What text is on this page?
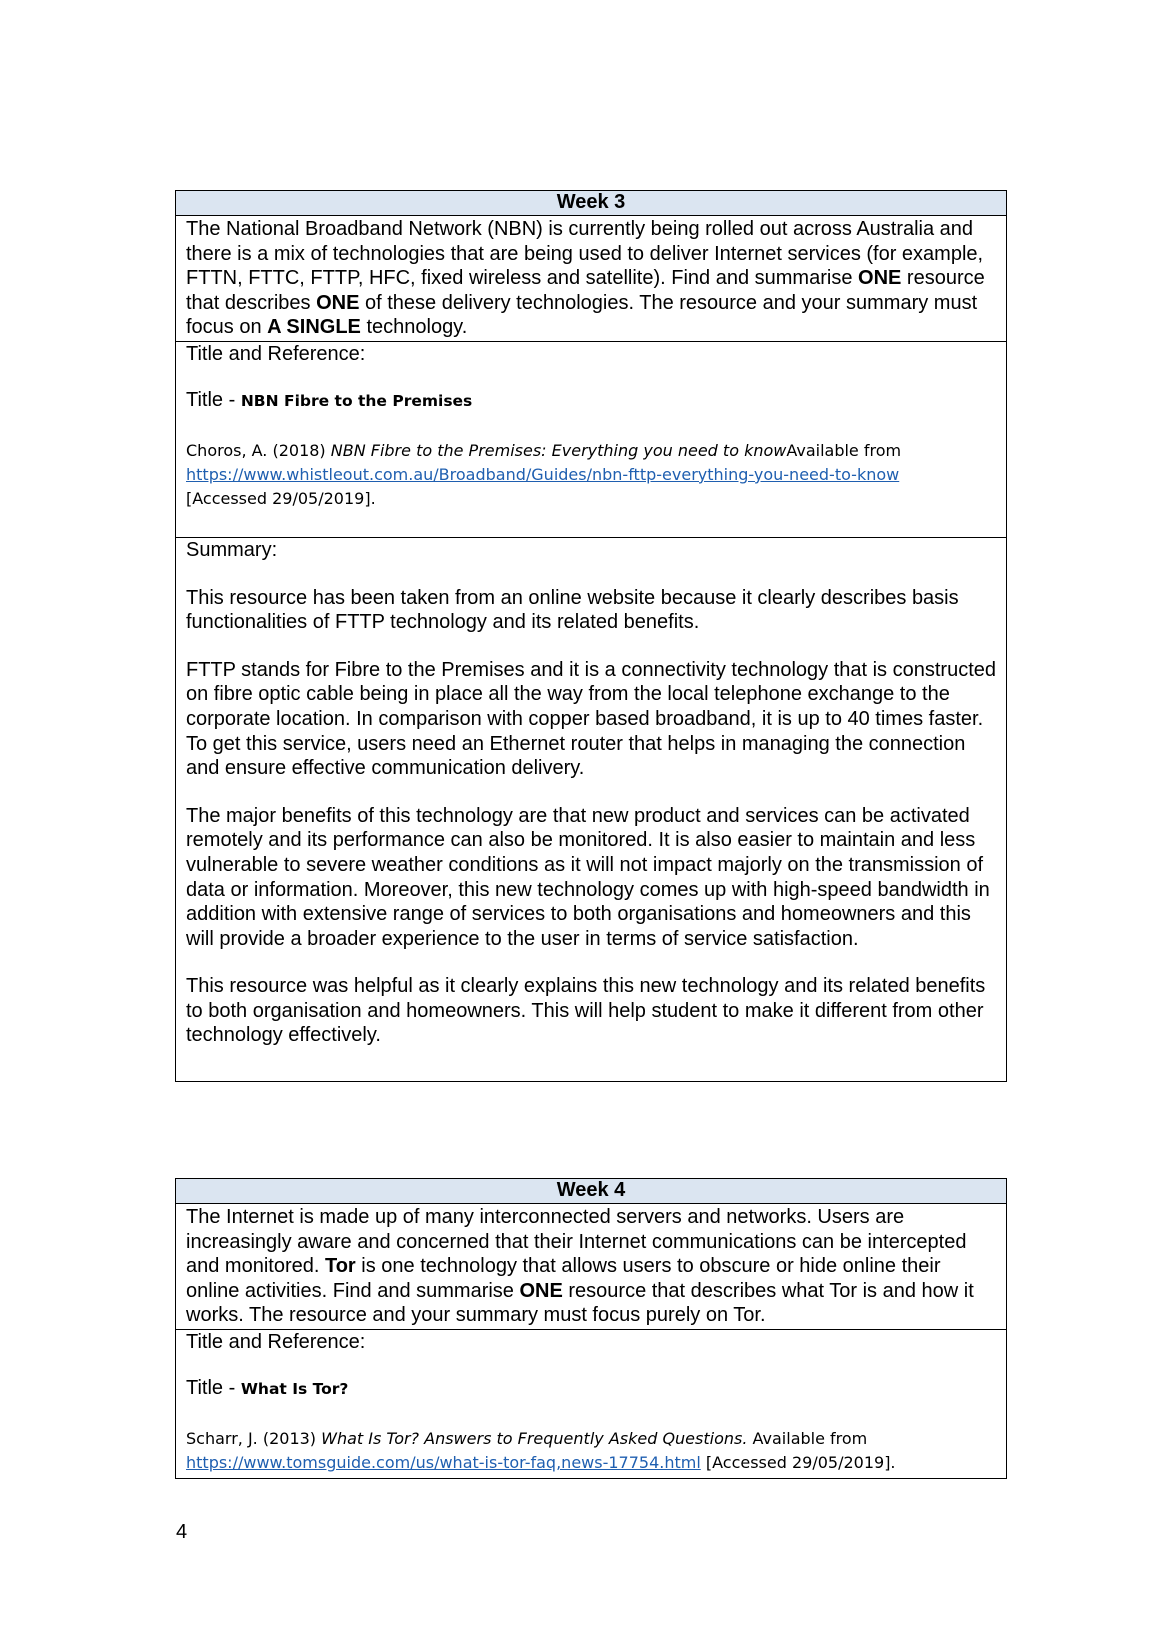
Week 3
The National Broadband Network (NBN) is currently being rolled out across Australia and there is a mix of technologies that are being used to deliver Internet services (for example, FTTN, FTTC, FTTP, HFC, fixed wireless and satellite). Find and summarise ONE resource that describes ONE of these delivery technologies. The resource and your summary must focus on A SINGLE technology.

Title and Reference:
Title - NBN Fibre to the Premises
Choros, A. (2018) NBN Fibre to the Premises: Everything you need to knowAvailable from
https://www.whistleout.com.au/Broadband/Guides/nbn-fttp-everything-you-need-to-know
[Accessed 29/05/2019].

Summary:

This resource has been taken from an online website because it clearly describes basis functionalities of FTTP technology and its related benefits.

FTTP stands for Fibre to the Premises and it is a connectivity technology that is constructed on fibre optic cable being in place all the way from the local telephone exchange to the corporate location. In comparison with copper based broadband, it is up to 40 times faster. To get this service, users need an Ethernet router that helps in managing the connection and ensure effective communication delivery.

The major benefits of this technology are that new product and services can be activated remotely and its performance can also be monitored. It is also easier to maintain and less vulnerable to severe weather conditions as it will not impact majorly on the transmission of data or information. Moreover, this new technology comes up with high-speed bandwidth in addition with extensive range of services to both organisations and homeowners and this will provide a broader experience to the user in terms of service satisfaction.

This resource was helpful as it clearly explains this new technology and its related benefits to both organisation and homeowners. This will help student to make it different from other technology effectively.

Week 4
The Internet is made up of many interconnected servers and networks. Users are increasingly aware and concerned that their Internet communications can be intercepted and monitored. Tor is one technology that allows users to obscure or hide online their online activities. Find and summarise ONE resource that describes what Tor is and how it works. The resource and your summary must focus purely on Tor.

Title and Reference:
Title - What Is Tor?
Scharr, J. (2013) What Is Tor? Answers to Frequently Asked Questions. Available from
https://www.tomsguide.com/us/what-is-tor-faq,news-17754.html [Accessed 29/05/2019].
4
